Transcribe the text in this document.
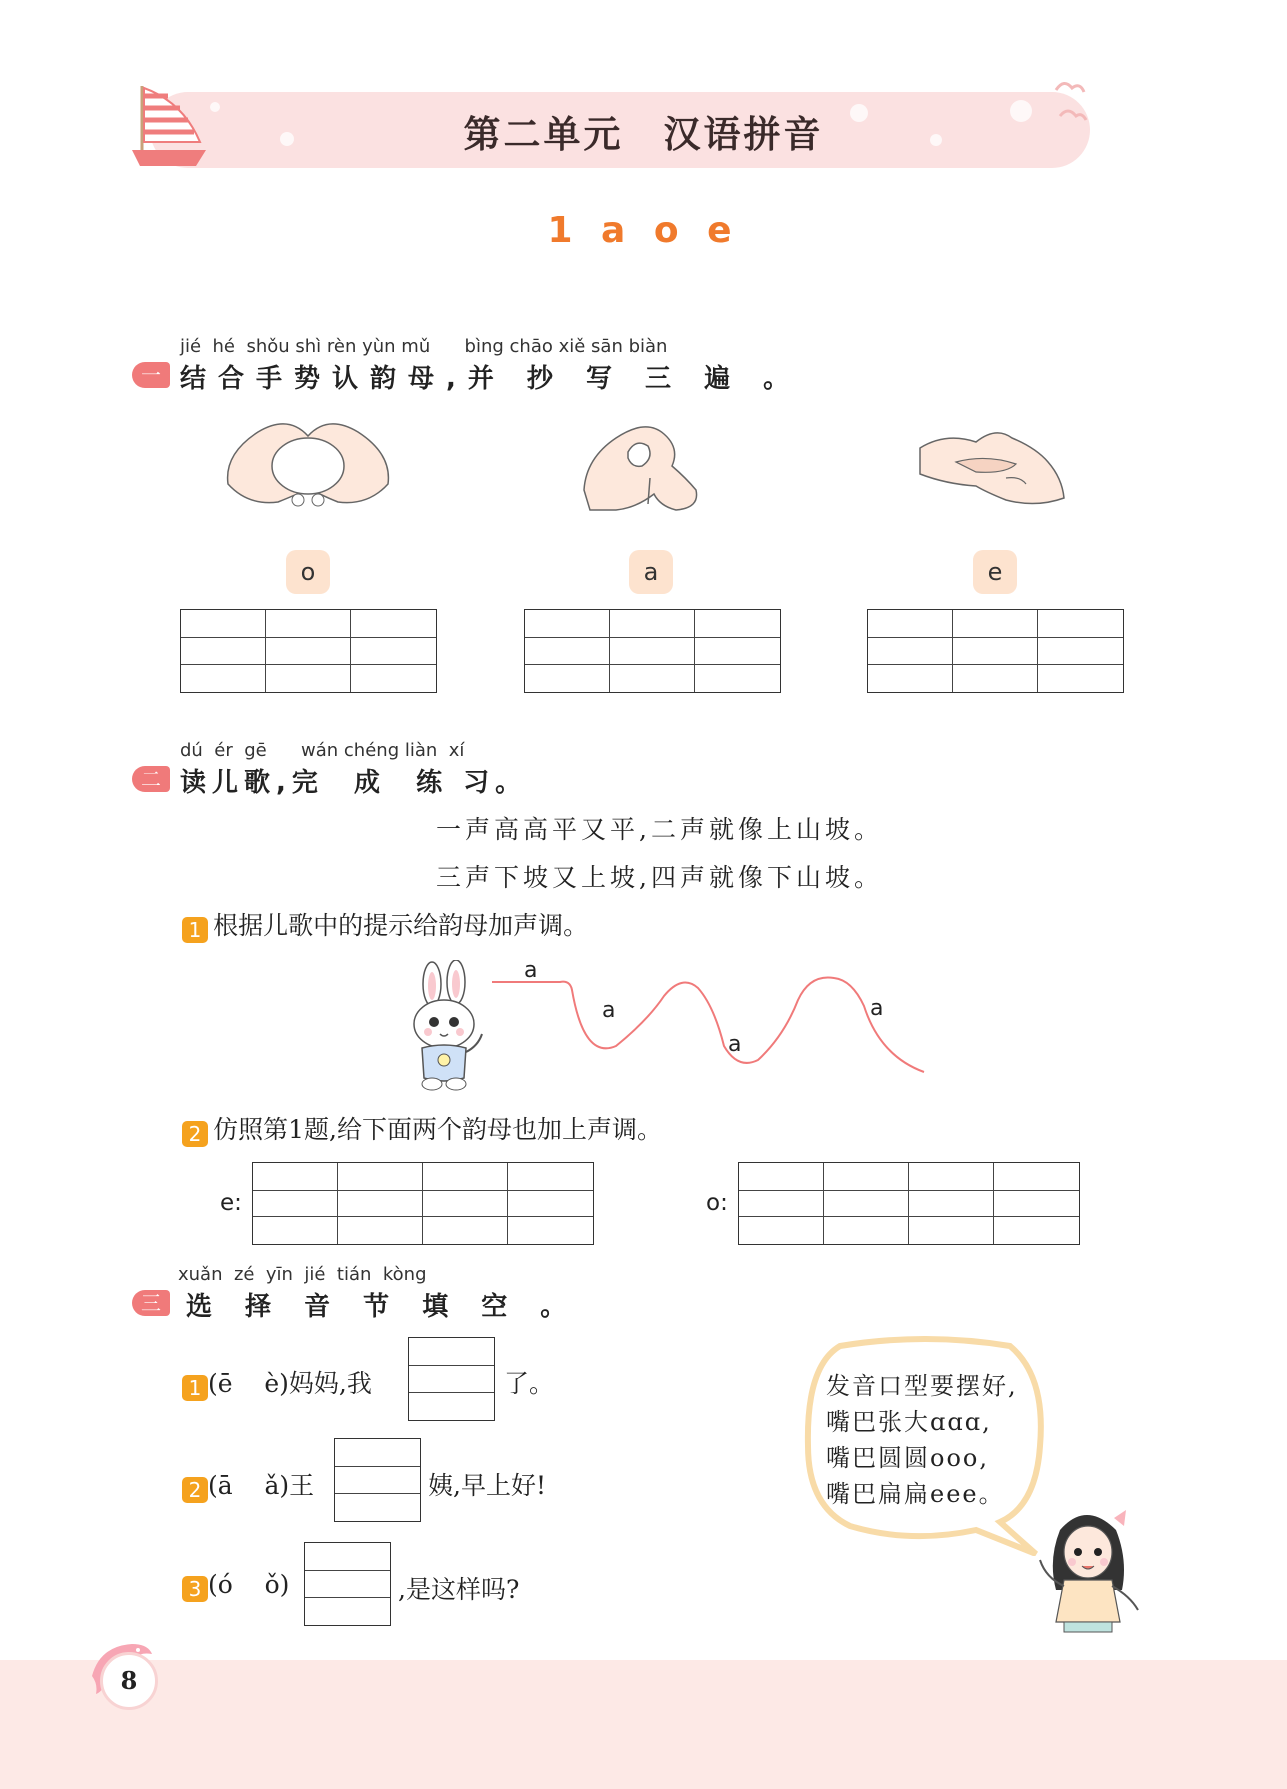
第二单元　汉语拼音
1 a o e
jié  hé  shǒu shì rèn yùn mǔ      bìng chāo xiě sān biàn
一 结合手势认韵母,并 抄 写 三 遍 。
o	a	e
dú  ér  gē      wán chéng liàn  xí
二 读儿歌,完  成  练 习。
一声高高平又平,二声就像上山坡。
三声下坡又上坡,四声就像下山坡。
1 根据儿歌中的提示给韵母加声调。
a
a
a
a
2 仿照第1题,给下面两个韵母也加上声调。
e:	o:
xuǎn  zé  yīn  jié  tián  kòng
三 选 择 音 节 填 空 。
1 (ē    è)妈妈,我	了。
2 (ā    ǎ)王	姨,早上好!
3 (ó    ǒ)	,是这样吗?
发音口型要摆好,
嘴巴张大ɑɑɑ,
嘴巴圆圆ooo,
嘴巴扁扁eee。
8
